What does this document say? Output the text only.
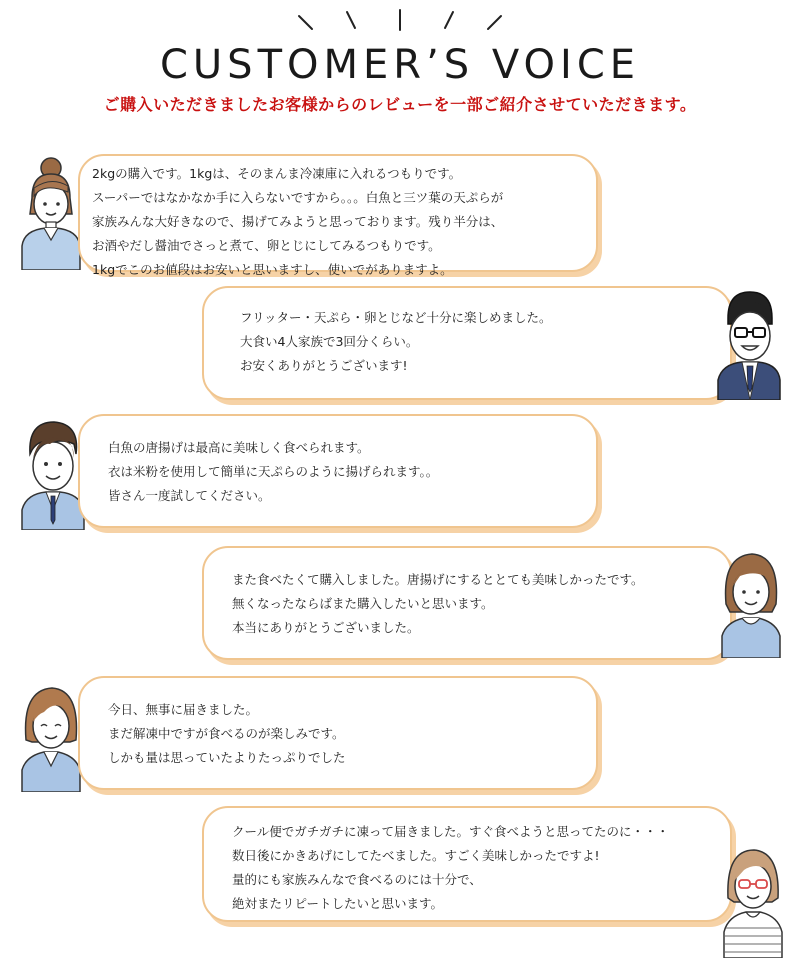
CUSTOMER’S VOICE

ご購入いただきましたお客様からのレビューを一部ご紹介させていただきます。

2kgの購入です。1kgは、そのまんま冷凍庫に入れるつもりです。
スーパーではなかなか手に入らないですから。。。白魚と三ツ葉の天ぷらが
家族みんな大好きなので、揚げてみようと思っております。残り半分は、
お酒やだし醤油でさっと煮て、卵とじにしてみるつもりです。
1kgでこのお値段はお安いと思いますし、使いでがありますよ。
フリッター・天ぷら・卵とじなど十分に楽しめました。
大食い4人家族で3回分くらい。
お安くありがとうございます!
白魚の唐揚げは最高に美味しく食べられます。
衣は米粉を使用して簡単に天ぷらのように揚げられます。。
皆さん一度試してください。
また食べたくて購入しました。唐揚げにするととても美味しかったです。
無くなったならばまた購入したいと思います。
本当にありがとうございました。
今日、無事に届きました。
まだ解凍中ですが食べるのが楽しみです。
しかも量は思っていたよりたっぷりでした
クール便でガチガチに凍って届きました。すぐ食べようと思ってたのに・・・
数日後にかきあげにしてたべました。すごく美味しかったですよ!
量的にも家族みんなで食べるのには十分で、
絶対またリピートしたいと思います。
